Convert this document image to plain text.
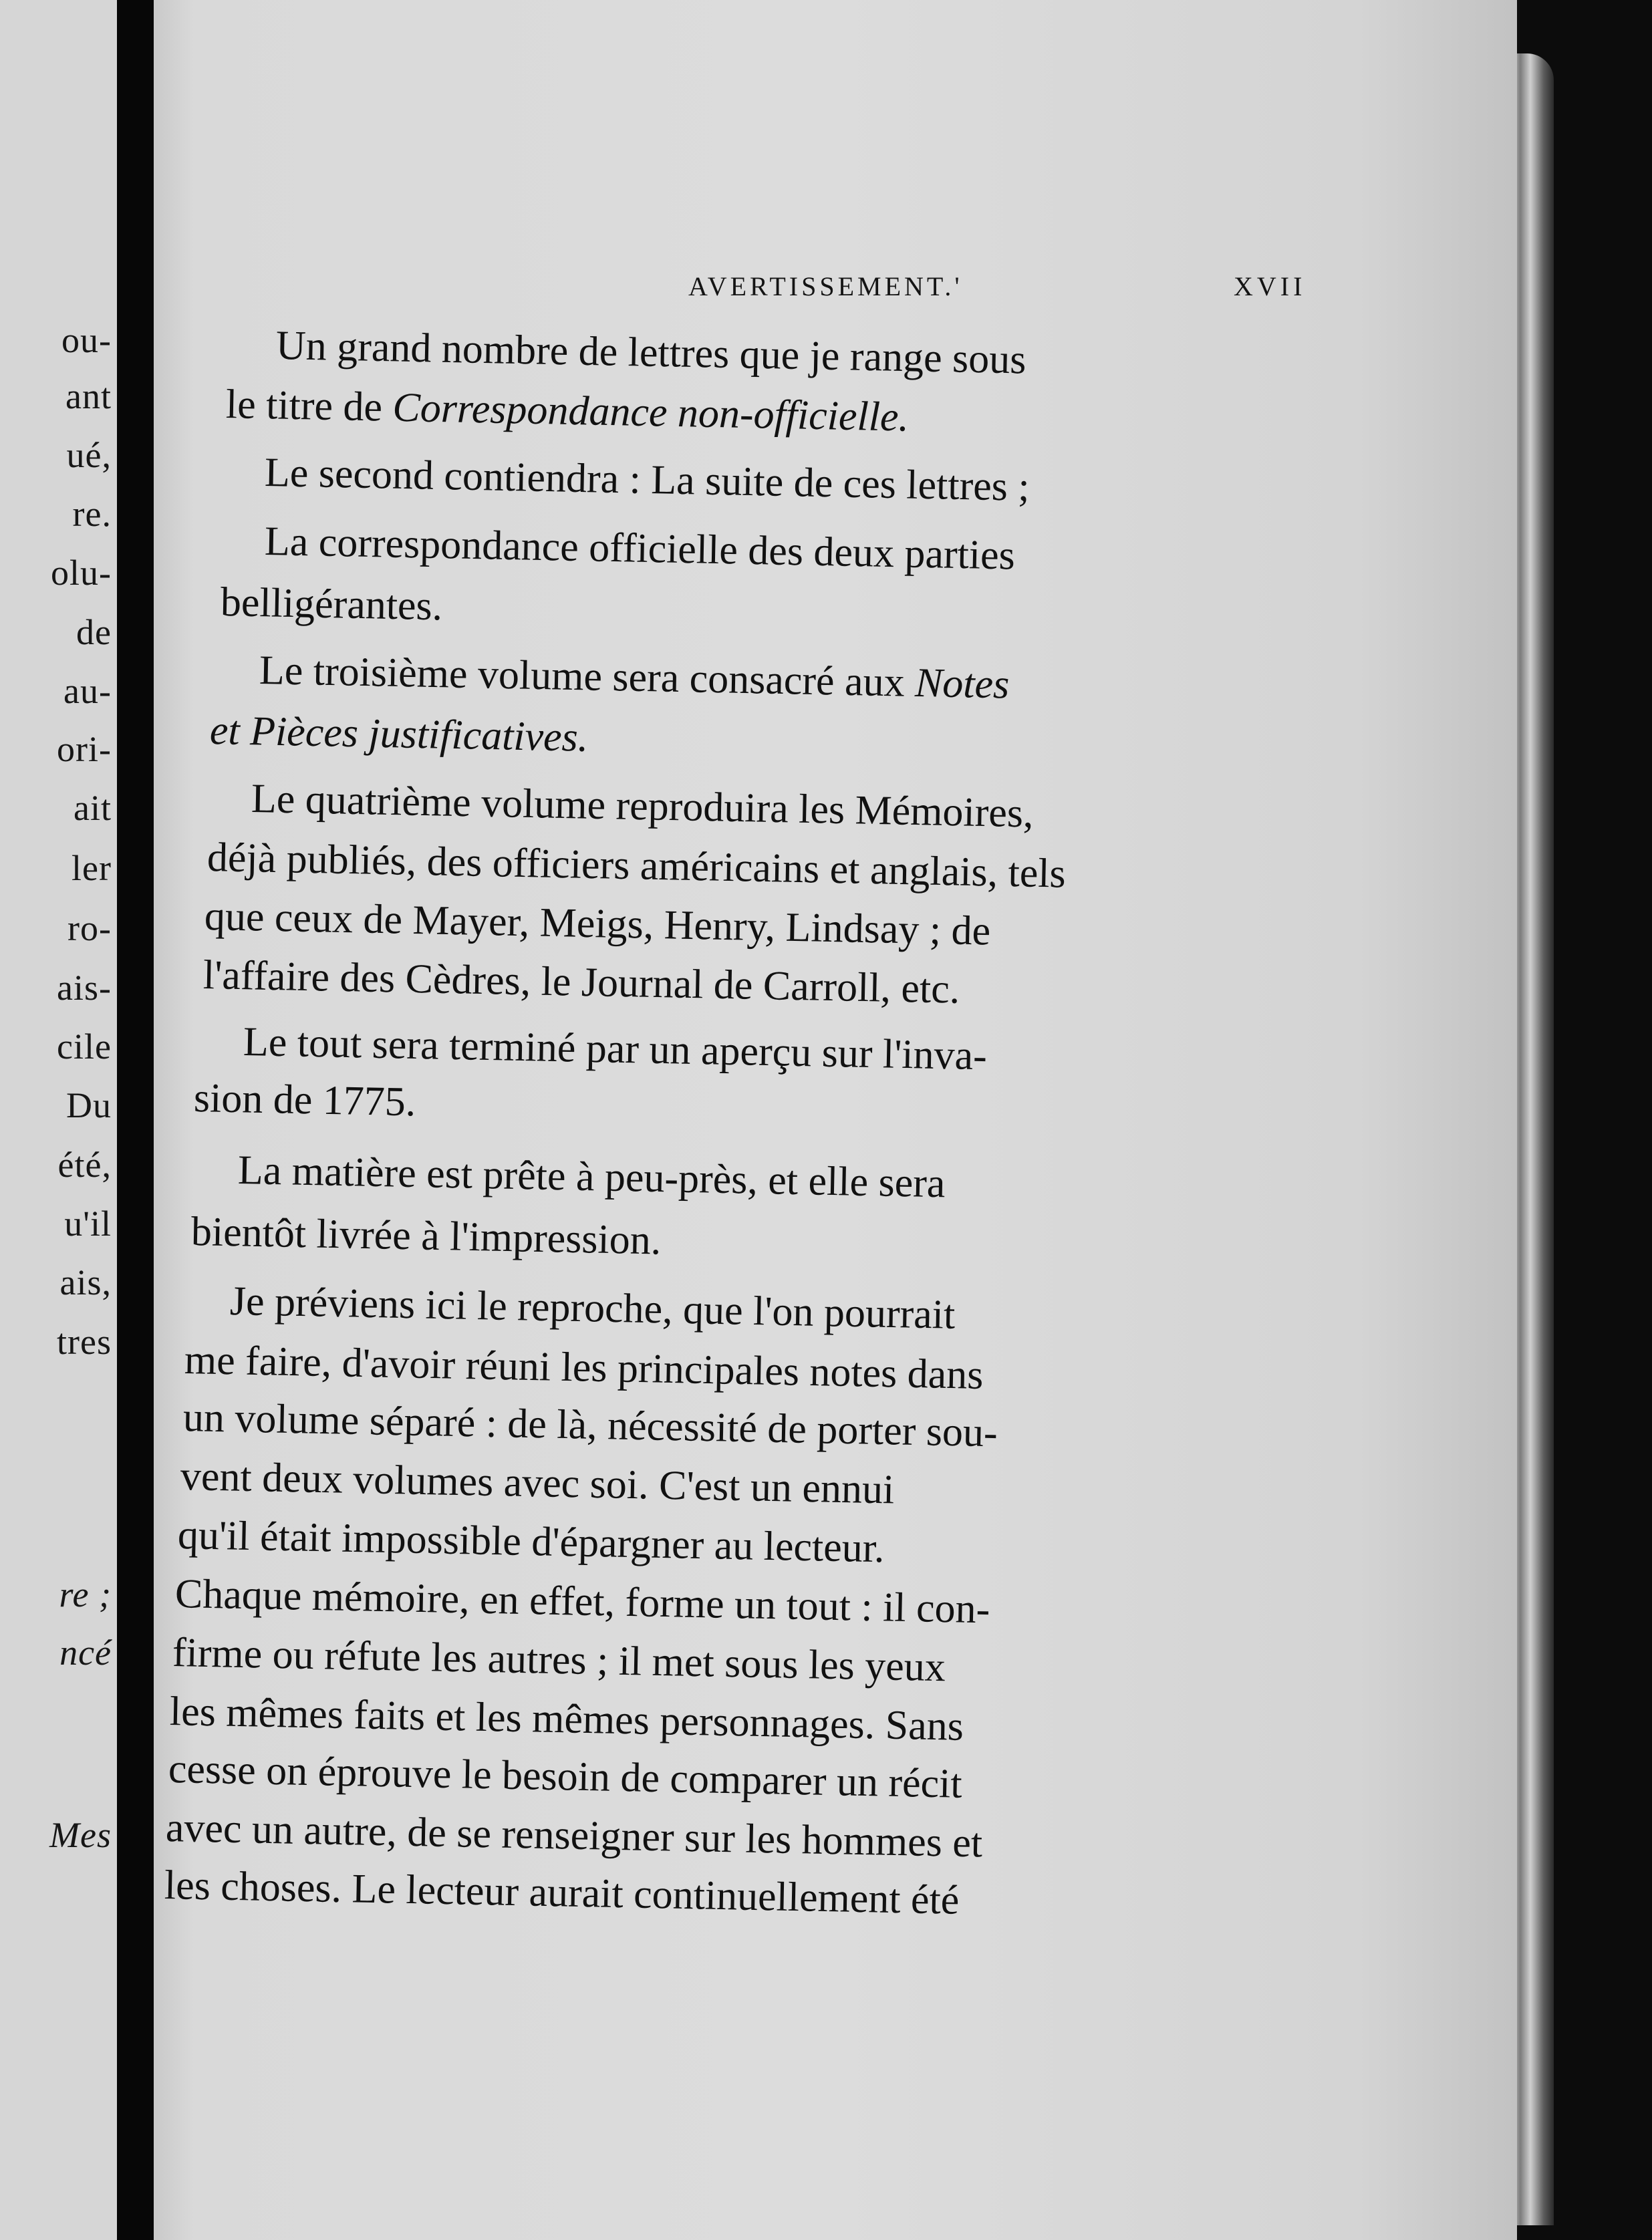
ou-
ant
ué,
re.
olu-
de
au-
ori-
ait
ler
ro-
ais-
cile
Du
été,
u'il
ais,
tres
re ;
ncé
Mes
AVERTISSEMENT.'	XVII
Un grand nombre de lettres que je range sous
le titre de Correspondance non-officielle.
Le second contiendra : La suite de ces lettres ;
La correspondance officielle des deux parties
belligérantes.
Le troisième volume sera consacré aux Notes
et Pièces justificatives.
Le quatrième volume reproduira les Mémoires,
déjà publiés, des officiers américains et anglais, tels
que ceux de Mayer, Meigs, Henry, Lindsay ; de
l'affaire des Cèdres, le Journal de Carroll, etc.
Le tout sera terminé par un aperçu sur l'inva-
sion de 1775.
La matière est prête à peu-près, et elle sera
bientôt livrée à l'impression.
Je préviens ici le reproche, que l'on pourrait
me faire, d'avoir réuni les principales notes dans
un volume séparé : de là, nécessité de porter sou-
vent deux volumes avec soi. C'est un ennui
qu'il était impossible d'épargner au lecteur.
Chaque mémoire, en effet, forme un tout : il con-
firme ou réfute les autres ; il met sous les yeux
les mêmes faits et les mêmes personnages. Sans
cesse on éprouve le besoin de comparer un récit
avec un autre, de se renseigner sur les hommes et
les choses. Le lecteur aurait continuellement été
